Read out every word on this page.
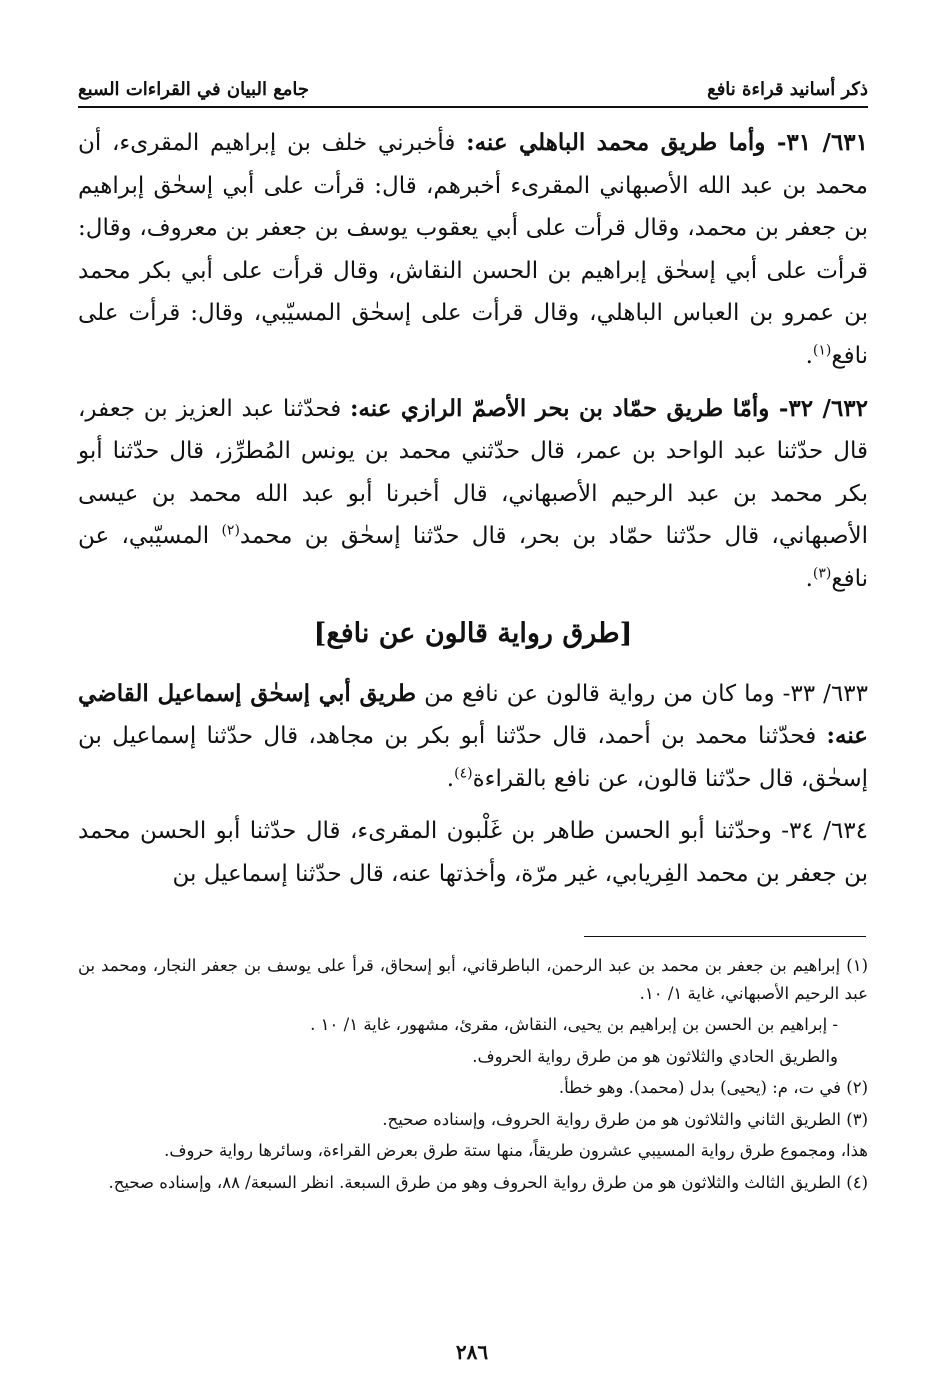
ذكر أسانيد قراءة نافع
جامع البيان في القراءات السبع

٦٣١/ ٣١- وأما طريق محمد الباهلي عنه: فأخبرني خلف بن إبراهيم المقرىء، أن محمد بن عبد الله الأصبهاني المقرىء أخبرهم، قال: قرأت على أبي إسحٰق إبراهيم بن جعفر بن محمد، وقال قرأت على أبي يعقوب يوسف بن جعفر بن معروف، وقال: قرأت على أبي إسحٰق إبراهيم بن الحسن النقاش، وقال قرأت على أبي بكر محمد بن عمرو بن العباس الباهلي، وقال قرأت على إسحٰق المسيّبي، وقال: قرأت على نافع$^{(١)}$.

٦٣٢/ ٣٢- وأمّا طريق حمّاد بن بحر الأصمّ الرازي عنه: فحدّثنا عبد العزيز بن جعفر، قال حدّثنا عبد الواحد بن عمر، قال حدّثني محمد بن يونس المُطرِّز، قال حدّثنا أبو بكر محمد بن عبد الرحيم الأصبهاني، قال أخبرنا أبو عبد الله محمد بن عيسى الأصبهاني، قال حدّثنا حمّاد بن بحر، قال حدّثنا إسحٰق بن محمد$^{(٢)}$ المسيّبي، عن نافع$^{(٣)}$.

[طرق رواية قالون عن نافع]

٦٣٣/ ٣٣- وما كان من رواية قالون عن نافع من طريق أبي إسحٰق إسماعيل القاضي عنه: فحدّثنا محمد بن أحمد، قال حدّثنا أبو بكر بن مجاهد، قال حدّثنا إسماعيل بن إسحٰق، قال حدّثنا قالون، عن نافع بالقراءة$^{(٤)}$.

٦٣٤/ ٣٤- وحدّثنا أبو الحسن طاهر بن غَلْبون المقرىء، قال حدّثنا أبو الحسن محمد بن جعفر بن محمد الفِريابي، غير مرّة، وأخذتها عنه، قال حدّثنا إسماعيل بن

(١) إبراهيم بن جعفر بن محمد بن عبد الرحمن، الباطرقاني، أبو إسحاق، قرأ على يوسف بن جعفر النجار، ومحمد بن عبد الرحيم الأصبهاني، غاية ١/ ١٠.

- إبراهيم بن الحسن بن إبراهيم بن يحيى، النقاش، مقرئ، مشهور، غاية ١/ ١٠ .

والطريق الحادي والثلاثون هو من طرق رواية الحروف.

(٢) في ت، م: (يحيى) بدل (محمد). وهو خطأ.

(٣) الطريق الثاني والثلاثون هو من طرق رواية الحروف، وإسناده صحيح.

هذا، ومجموع طرق رواية المسيبي عشرون طريقاً، منها ستة طرق بعرض القراءة، وسائرها رواية حروف.

(٤) الطريق الثالث والثلاثون هو من طرق رواية الحروف وهو من طرق السبعة. انظر السبعة/ ٨٨، وإسناده صحيح.

٢٨٦
